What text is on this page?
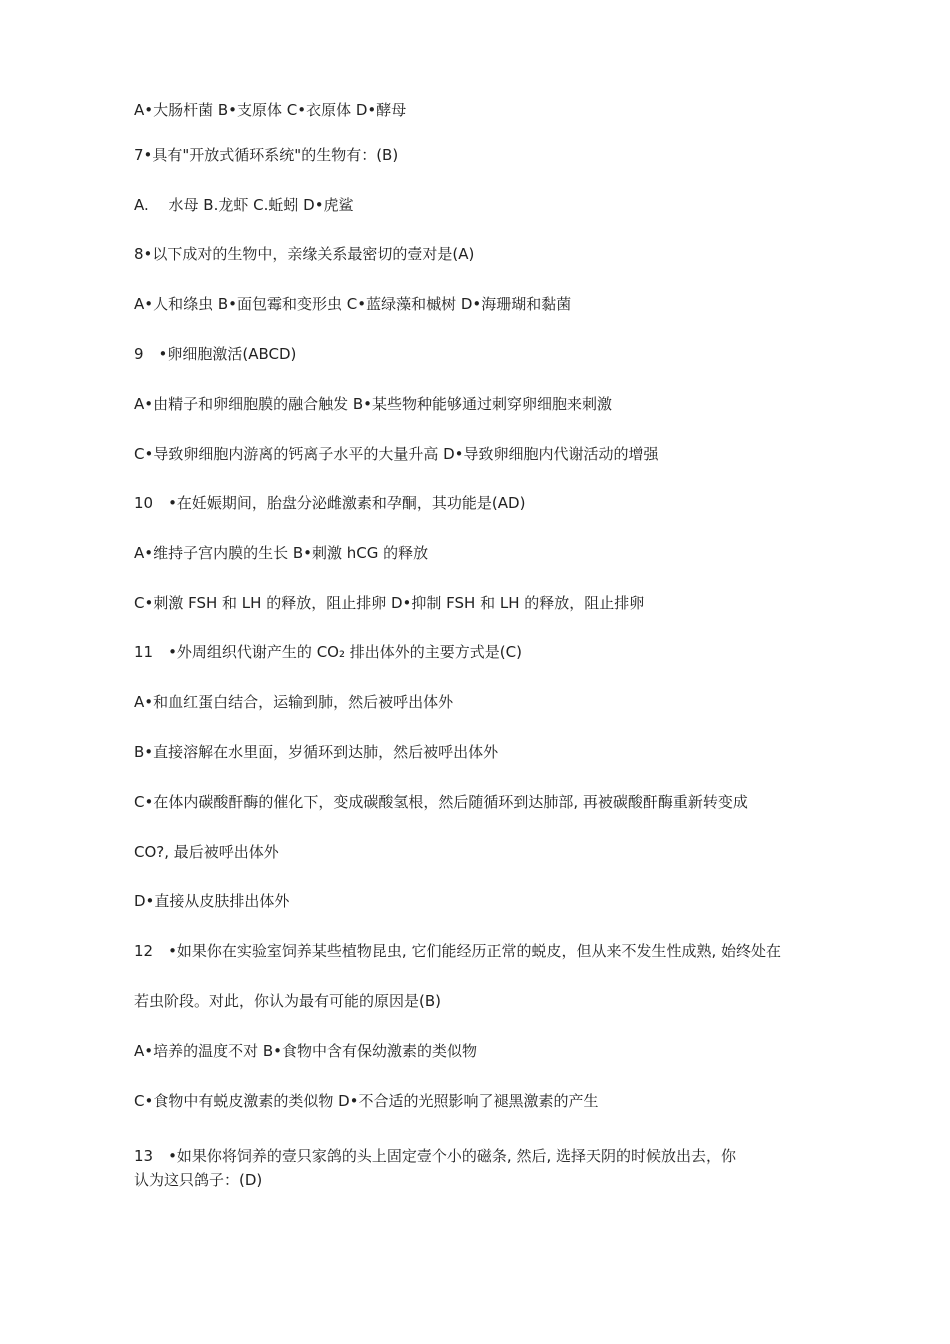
A•大肠杆菌 B•支原体 C•衣原体 D•酵母
7•具有"开放式循环系统"的生物有：(B)
A.　 水母 B.龙虾 C.蚯蚓 D•虎鲨
8•以下成对的生物中，亲缘关系最密切的壹对是(A)
A•人和绦虫 B•面包霉和变形虫 C•蓝绿藻和槭树 D•海珊瑚和黏菌
9　•卵细胞激活(ABCD)
A•由精子和卵细胞膜的融合触发 B•某些物种能够通过刺穿卵细胞来刺激
C•导致卵细胞内游离的钙离子水平的大量升高 D•导致卵细胞内代谢活动的增强
10　•在妊娠期间，胎盘分泌雌激素和孕酮，其功能是(AD)
A•维持子宫内膜的生长 B•刺激 hCG 的释放
C•刺激 FSH 和 LH 的释放，阻止排卵 D•抑制 FSH 和 LH 的释放，阻止排卵
11　•外周组织代谢产生的 CO₂ 排出体外的主要方式是(C)
A•和血红蛋白结合，运输到肺，然后被呼出体外
B•直接溶解在水里面，岁循环到达肺，然后被呼出体外
C•在体内碳酸酐酶的催化下，变成碳酸氢根，然后随循环到达肺部, 再被碳酸酐酶重新转变成
CO?, 最后被呼出体外
D•直接从皮肤排出体外
12　•如果你在实验室饲养某些植物昆虫, 它们能经历正常的蜕皮，但从来不发生性成熟, 始终处在
若虫阶段。对此，你认为最有可能的原因是(B)
A•培养的温度不对 B•食物中含有保幼激素的类似物
C•食物中有蜕皮激素的类似物 D•不合适的光照影响了褪黑激素的产生
13　•如果你将饲养的壹只家鸽的头上固定壹个小的磁条, 然后, 选择天阴的时候放出去，你
认为这只鸽子：(D)
